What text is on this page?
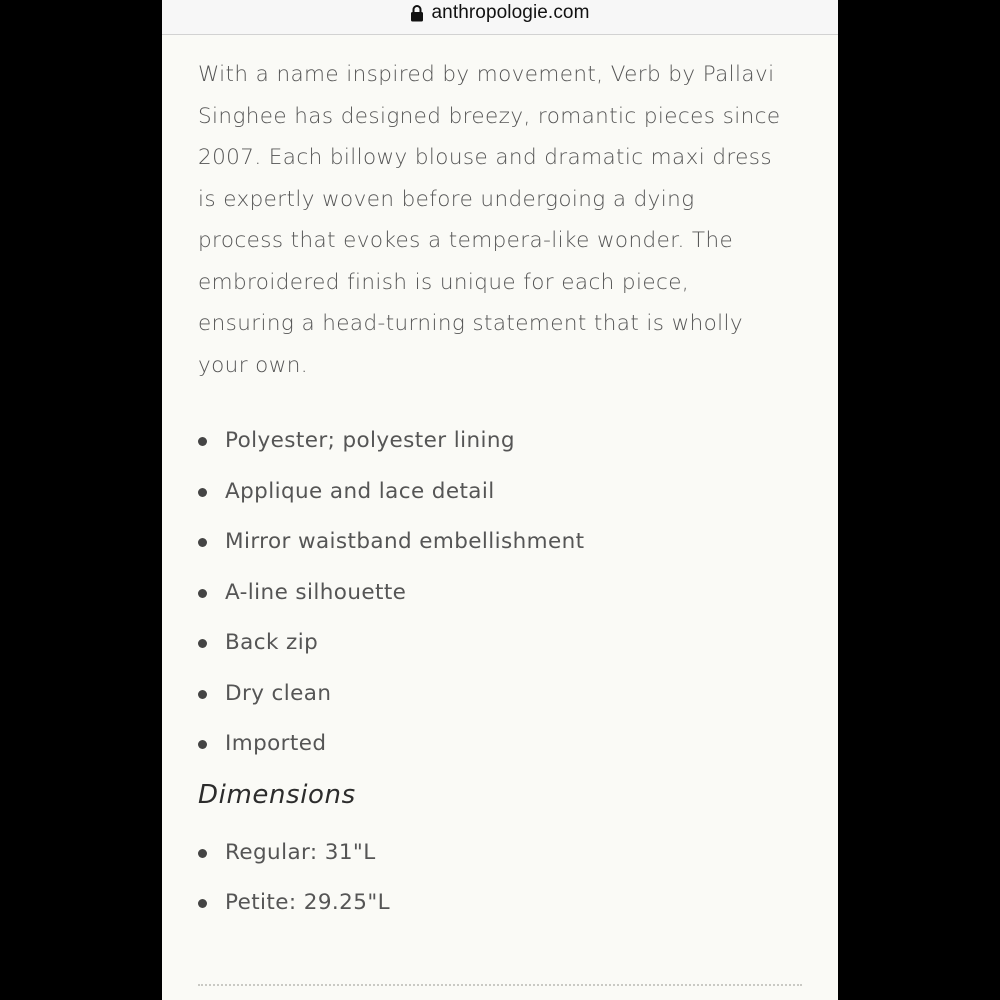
anthropologie.com

With a name inspired by movement, Verb by Pallavi
Singhee has designed breezy, romantic pieces since
2007. Each billowy blouse and dramatic maxi dress
is expertly woven before undergoing a dying
process that evokes a tempera-like wonder. The
embroidered finish is unique for each piece,
ensuring a head-turning statement that is wholly
your own.

Polyester; polyester lining
Applique and lace detail
Mirror waistband embellishment
A-line silhouette
Back zip
Dry clean
Imported
Dimensions
Regular: 31"L
Petite: 29.25"L
